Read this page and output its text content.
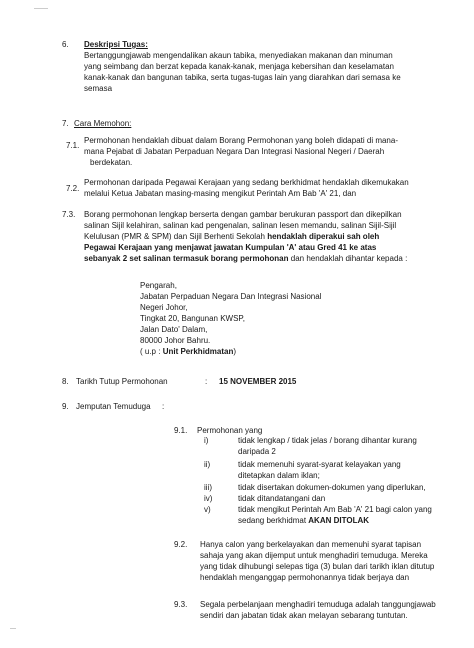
6. Deskripsi Tugas:
Bertanggungjawab mengendalikan akaun tabika, menyediakan makanan dan minuman
yang seimbang dan berzat kepada kanak-kanak, menjaga kebersihan dan keselamatan
kanak-kanak dan bangunan tabika, serta tugas-tugas lain yang diarahkan dari semasa ke
semasa
7. Cara Memohon:
7.1.
Permohonan hendaklah dibuat dalam Borang Permohonan yang boleh didapati di mana-
mana Pejabat di Jabatan Perpaduan Negara Dan Integrasi Nasional Negeri / Daerah
berdekatan.
7.2.
Permohonan daripada Pegawai Kerajaan yang sedang berkhidmat hendaklah dikemukakan
melalui Ketua Jabatan masing-masing mengikut Perintah Am Bab 'A' 21, dan
7.3. Borang permohonan lengkap berserta dengan gambar berukuran passport dan dikepilkan
salinan Sijil kelahiran, salinan kad pengenalan, salinan lesen memandu, salinan Sijil-Sijil
Kelulusan (PMR & SPM) dan Sijil Berhenti Sekolah hendaklah diperakui sah oleh
Pegawai Kerajaan yang menjawat jawatan Kumpulan 'A' atau Gred 41 ke atas
sebanyak 2 set salinan termasuk borang permohonan dan hendaklah dihantar kepada :
Pengarah,
Jabatan Perpaduan Negara Dan Integrasi Nasional
Negeri Johor,
Tingkat 20, Bangunan KWSP,
Jalan Dato' Dalam,
80000 Johor Bahru.
( u.p : Unit Perkhidmatan)
8. Tarikh Tutup Permohonan	: 15 NOVEMBER 2015
9. Jemputan Temuduga :
9.1. Permohonan yang
i)	tidak lengkap / tidak jelas / borang dihantar kurang
daripada 2
ii)	tidak memenuhi syarat-syarat kelayakan yang
ditetapkan dalam iklan;
iii)	tidak disertakan dokumen-dokumen yang diperlukan,
iv)	tidak ditandatangani dan
v)	tidak mengikut Perintah Am Bab 'A' 21 bagi calon yang
sedang berkhidmat AKAN DITOLAK
9.2. Hanya calon yang berkelayakan dan memenuhi syarat tapisan
sahaja yang akan dijemput untuk menghadiri temuduga. Mereka
yang tidak dihubungi selepas tiga (3) bulan dari tarikh iklan ditutup
hendaklah menganggap permohonannya tidak berjaya dan
9.3. Segala perbelanjaan menghadiri temuduga adalah tanggungjawab
sendiri dan jabatan tidak akan melayan sebarang tuntutan.
